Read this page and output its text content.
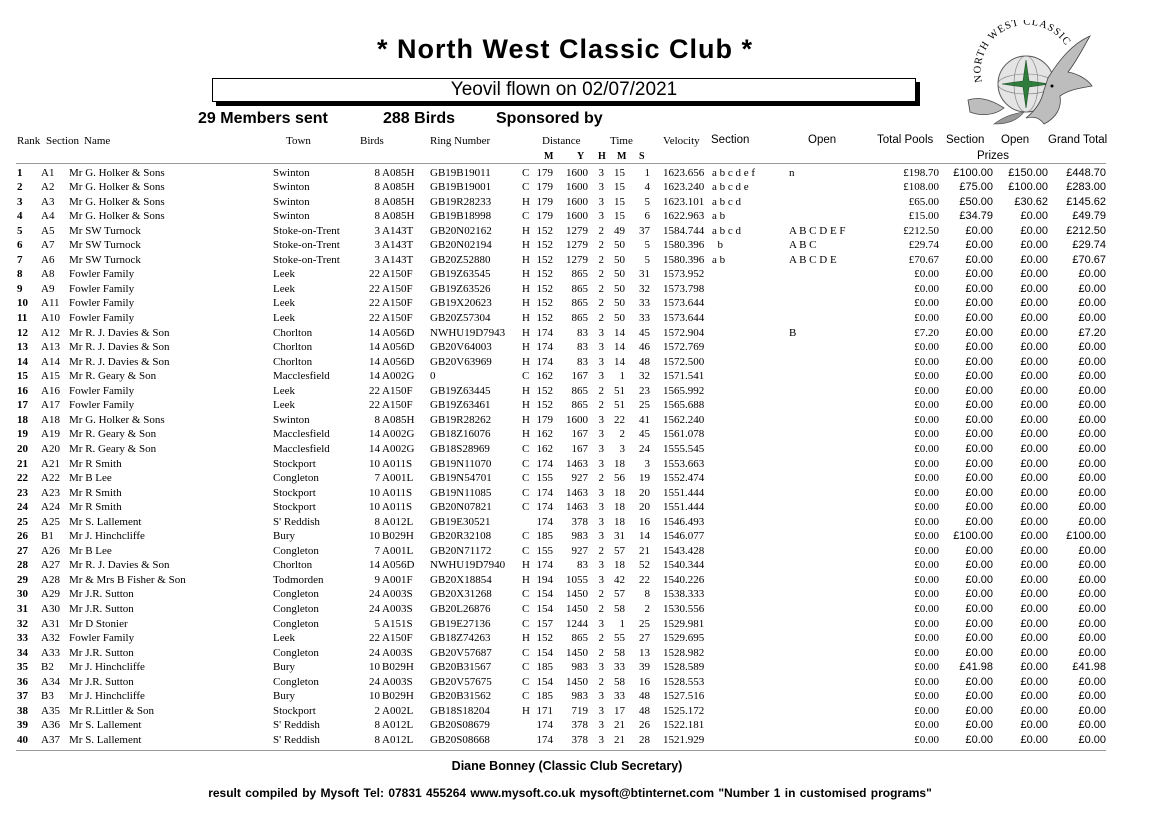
* North West Classic Club *
Yeovil flown on 02/07/2021
29 Members sent	288 Birds	Sponsored by
NORTH WEST CLASSIC
Rank Section Name	Town	Birds	Ring Number	Distance	Time	Velocity Section	Open	Total Pools Section Open Grand Total
Prizes
M Y H M S
1 A1 Mr G. Holker & Sons	Swinton	8 A085H GB19B19011	C 179 1600 3 15 1 1623.656 a b c d e f	n	£198.70 £100.00 £150.00 £448.70
2 A2 Mr G. Holker & Sons	Swinton	8 A085H GB19B19001	C 179 1600 3 15 4 1623.240 a b c d e	£108.00 £75.00 £100.00 £283.00
3 A3 Mr G. Holker & Sons	Swinton	8 A085H GB19R28233	H 179 1600 3 15 5 1623.101 a b c d	£65.00 £50.00 £30.62 £145.62
4 A4 Mr G. Holker & Sons	Swinton	8 A085H GB19B18998	C 179 1600 3 15 6 1622.963 a b	£15.00 £34.79 £0.00 £49.79
5 A5 Mr SW Turnock	Stoke-on-Trent	3 A143T GB20N02162	H 152 1279 2 49 37 1584.744 a b c d	A B C D E F	£212.50 £0.00 £0.00 £212.50
6 A7 Mr SW Turnock	Stoke-on-Trent	3 A143T GB20N02194	H 152 1279 2 50 5 1580.396 b	A B C	£29.74 £0.00 £0.00 £29.74
7 A6 Mr SW Turnock	Stoke-on-Trent	3 A143T GB20Z52880	H 152 1279 2 50 5 1580.396 a b	A B C D E	£70.67 £0.00 £0.00 £70.67
8 A8 Fowler Family	Leek	22 A150F GB19Z63545	H 152 865 2 50 31 1573.952	£0.00 £0.00 £0.00	£0.00
9 A9 Fowler Family	Leek	22 A150F GB19Z63526	H 152 865 2 50 32 1573.798	£0.00 £0.00 £0.00	£0.00
10 A11 Fowler Family	Leek	22 A150F GB19X20623	H 152 865 2 50 33 1573.644	£0.00 £0.00 £0.00	£0.00
11 A10 Fowler Family	Leek	22 A150F GB20Z57304	H 152 865 2 50 33 1573.644	£0.00 £0.00 £0.00	£0.00
12 A12 Mr R. J. Davies & Son	Chorlton	14 A056D NWHU19D7943 H 174 83 3 14 45 1572.904	B	£7.20 £0.00 £0.00	£7.20
13 A13 Mr R. J. Davies & Son	Chorlton	14 A056D GB20V64003	H 174 83 3 14 46 1572.769	£0.00 £0.00 £0.00	£0.00
14 A14 Mr R. J. Davies & Son	Chorlton	14 A056D GB20V63969	H 174 83 3 14 48 1572.500	£0.00 £0.00 £0.00	£0.00
15 A15 Mr R. Geary & Son	Macclesfield	14 A002G 0	C 162 167 3 1 32 1571.541	£0.00 £0.00 £0.00	£0.00
16 A16 Fowler Family	Leek	22 A150F GB19Z63445	H 152 865 2 51 23 1565.992	£0.00 £0.00 £0.00	£0.00
17 A17 Fowler Family	Leek	22 A150F GB19Z63461	H 152 865 2 51 25 1565.688	£0.00 £0.00 £0.00	£0.00
18 A18 Mr G. Holker & Sons	Swinton	8 A085H GB19R28262	H 179 1600 3 22 41 1562.240	£0.00 £0.00 £0.00	£0.00
19 A19 Mr R. Geary & Son	Macclesfield	14 A002G GB18Z16076	H 162 167 3 2 45 1561.078	£0.00 £0.00 £0.00	£0.00
20 A20 Mr R. Geary & Son	Macclesfield	14 A002G GB18S28969	C 162 167 3 3 24 1555.545	£0.00 £0.00 £0.00	£0.00
21 A21 Mr R Smith	Stockport	10 A011S GB19N11070	C 174 1463 3 18 3 1553.663	£0.00 £0.00 £0.00	£0.00
22 A22 Mr B Lee	Congleton	7 A001L GB19N54701	C 155 927 2 56 19 1552.474	£0.00 £0.00 £0.00	£0.00
23 A23 Mr R Smith	Stockport	10 A011S GB19N11085	C 174 1463 3 18 20 1551.444	£0.00 £0.00 £0.00	£0.00
24 A24 Mr R Smith	Stockport	10 A011S GB20N07821	C 174 1463 3 18 20 1551.444	£0.00 £0.00 £0.00	£0.00
25 A25 Mr S. Lallement	S' Reddish	8 A012L GB19E30521	174 378 3 18 16 1546.493	£0.00 £0.00 £0.00	£0.00
26 B1 Mr J. Hinchcliffe	Bury	10 B029H GB20R32108	C 185 983 3 31 14 1546.077	£0.00 £100.00 £0.00 £100.00
27 A26 Mr B Lee	Congleton	7 A001L GB20N71172	C 155 927 2 57 21 1543.428	£0.00 £0.00 £0.00	£0.00
28 A27 Mr R. J. Davies & Son	Chorlton	14 A056D NWHU19D7940 H 174 83 3 18 52 1540.344	£0.00 £0.00 £0.00	£0.00
29 A28 Mr & Mrs B Fisher & Son	Todmorden	9 A001F GB20X18854	H 194 1055 3 42 22 1540.226	£0.00 £0.00 £0.00	£0.00
30 A29 Mr J.R. Sutton	Congleton	24 A003S GB20X31268	C 154 1450 2 57 8 1538.333	£0.00 £0.00 £0.00	£0.00
31 A30 Mr J.R. Sutton	Congleton	24 A003S GB20L26876	C 154 1450 2 58 2 1530.556	£0.00 £0.00 £0.00	£0.00
32 A31 Mr D Stonier	Congleton	5 A151S GB19E27136	C 157 1244 3 1 25 1529.981	£0.00 £0.00 £0.00	£0.00
33 A32 Fowler Family	Leek	22 A150F GB18Z74263	H 152 865 2 55 27 1529.695	£0.00 £0.00 £0.00	£0.00
34 A33 Mr J.R. Sutton	Congleton	24 A003S GB20V57687	C 154 1450 2 58 13 1528.982	£0.00 £0.00 £0.00	£0.00
35 B2 Mr J. Hinchcliffe	Bury	10 B029H GB20B31567	C 185 983 3 33 39 1528.589	£0.00 £41.98 £0.00 £41.98
36 A34 Mr J.R. Sutton	Congleton	24 A003S GB20V57675	C 154 1450 2 58 16 1528.553	£0.00 £0.00 £0.00	£0.00
37 B3 Mr J. Hinchcliffe	Bury	10 B029H GB20B31562	C 185 983 3 33 48 1527.516	£0.00 £0.00 £0.00	£0.00
38 A35 Mr R.Littler & Son	Stockport	2 A002L GB18S18204	H 171 719 3 17 48 1525.172	£0.00 £0.00 £0.00	£0.00
39 A36 Mr S. Lallement	S' Reddish	8 A012L GB20S08679	174 378 3 21 26 1522.181	£0.00 £0.00 £0.00	£0.00
40 A37 Mr S. Lallement	S' Reddish	8 A012L GB20S08668	174 378 3 21 28 1521.929	£0.00 £0.00 £0.00	£0.00
Diane Bonney (Classic Club Secretary)
result compiled by Mysoft Tel: 07831 455264 www.mysoft.co.uk mysoft@btinternet.com "Number 1 in customised programs"
